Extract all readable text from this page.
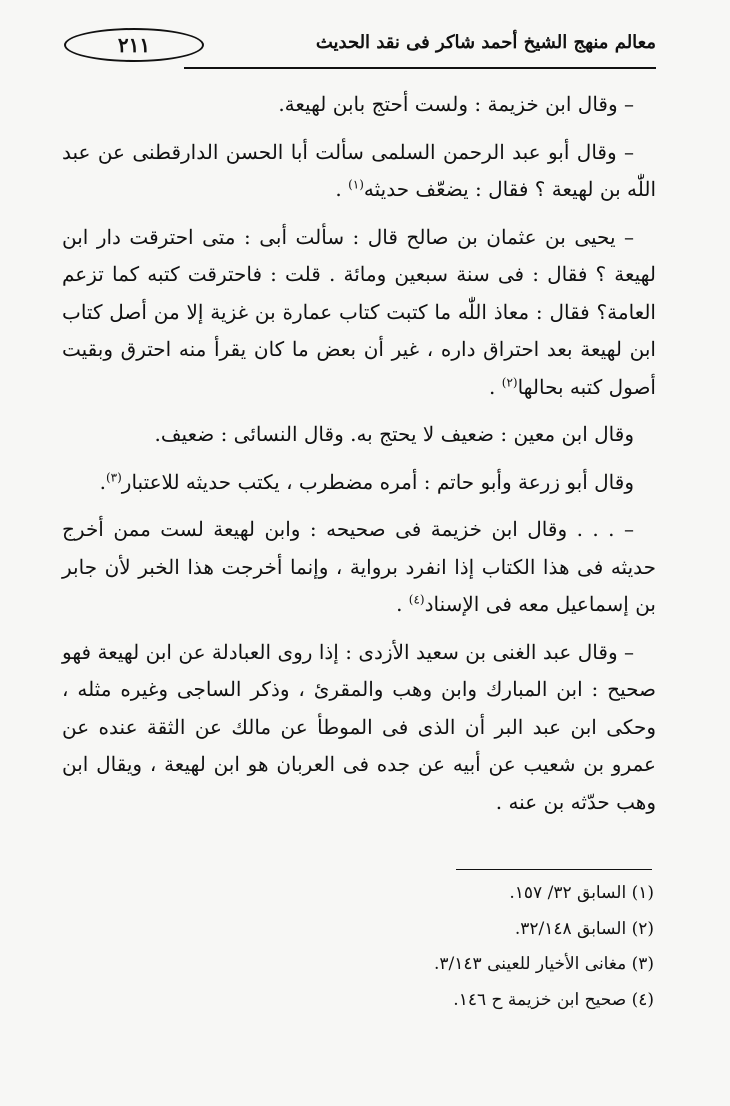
٢١١	معالم منهج الشيخ أحمد شاكر فى نقد الحديث

– وقال ابن خزيمة : ولست أحتج بابن لهيعة.

– وقال أبو عبد الرحمن السلمى سألت أبا الحسن الدارقطنى عن عبد اللّٰه بن لهيعة ؟ فقال : يضعّف حديثه$^{(١)}$ .

– يحيى بن عثمان بن صالح قال : سألت أبى : متى احترقت دار ابن لهيعة ؟ فقال : فى سنة سبعين ومائة . قلت : فاحترقت كتبه كما تزعم العامة؟ فقال : معاذ اللّٰه ما كتبت كتاب عمارة بن غزية إلا من أصل كتاب ابن لهيعة بعد احتراق داره ، غير أن بعض ما كان يقرأ منه احترق وبقيت أصول كتبه بحالها$^{(٢)}$ .

وقال ابن معين : ضعيف لا يحتج به. وقال النسائى : ضعيف.

وقال أبو زرعة وأبو حاتم : أمره مضطرب ، يكتب حديثه للاعتبار$^{(٣)}$.

– . . . وقال ابن خزيمة فى صحيحه : وابن لهيعة لست ممن أخرج حديثه فى هذا الكتاب إذا انفرد برواية ، وإنما أخرجت هذا الخبر لأن جابر بن إسماعيل معه فى الإسناد$^{(٤)}$ .

– وقال عبد الغنى بن سعيد الأزدى : إذا روى العبادلة عن ابن لهيعة فهو صحيح : ابن المبارك وابن وهب والمقرئ ، وذكر الساجى وغيره مثله ، وحكى ابن عبد البر أن الذى فى الموطأ عن مالك عن الثقة عنده عن عمرو بن شعيب عن أبيه عن جده فى العربان هو ابن لهيعة ، ويقال ابن وهب حدّثه بن عنه .

(١) السابق ٣٢/ ١٥٧.

(٢) السابق ٣٢/١٤٨.

(٣) مغانى الأخيار للعينى ٣/١٤٣.

(٤) صحيح ابن خزيمة ح ١٤٦.
